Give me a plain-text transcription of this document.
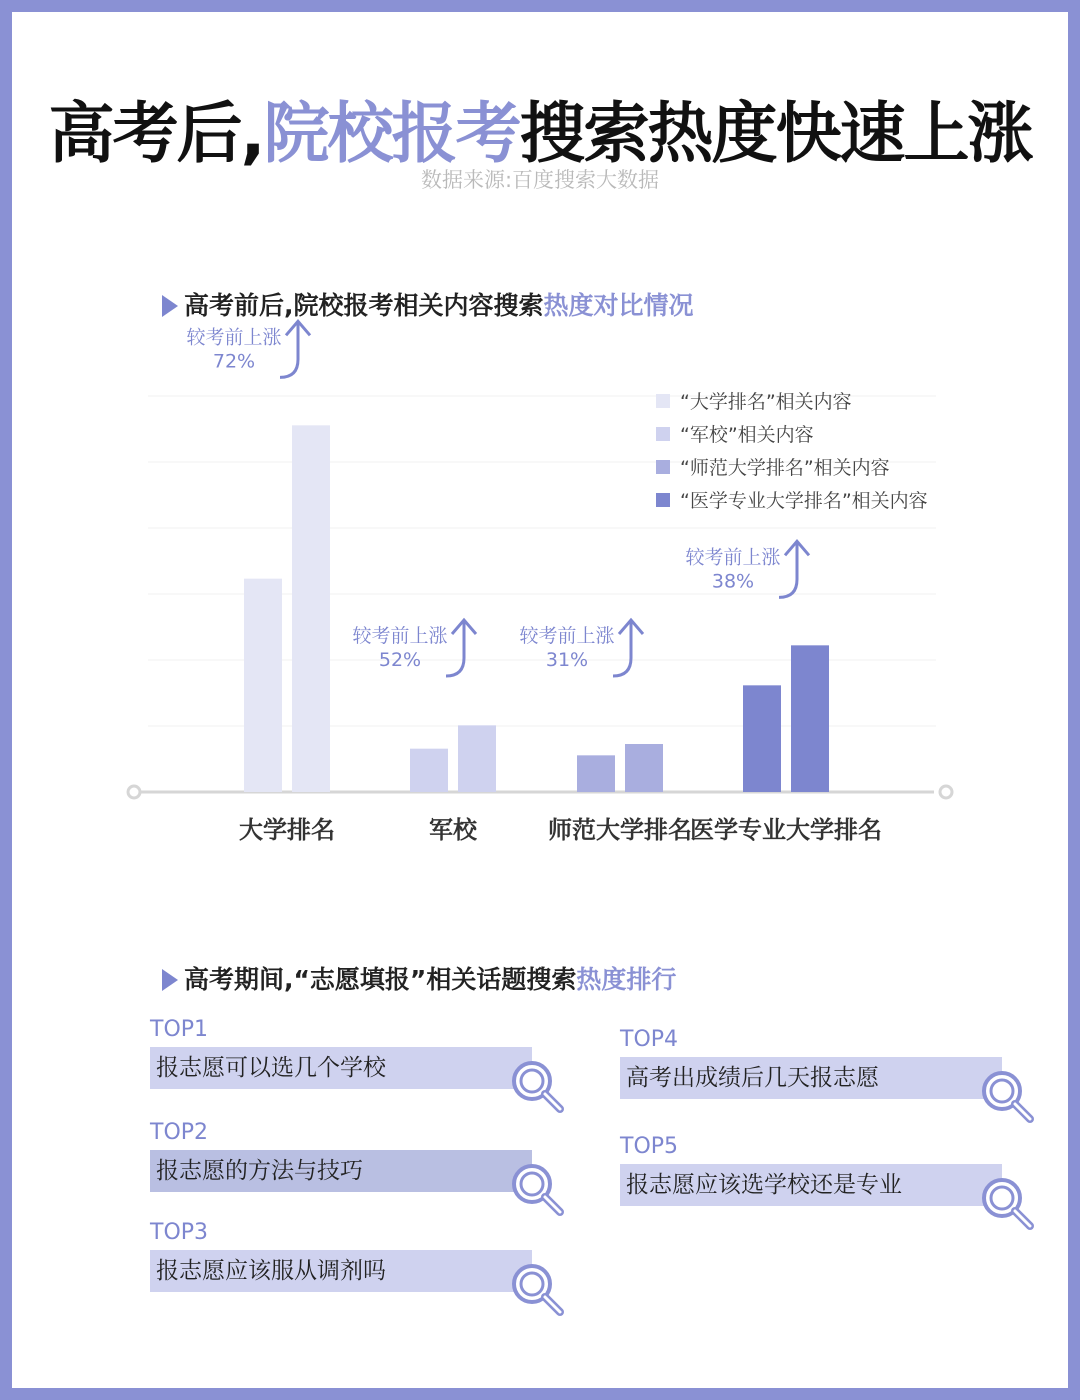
高考后,院校报考搜索热度快速上涨
数据来源:百度搜索大数据
高考前后,院校报考相关内容搜索热度对比情况
大学排名
较考前上涨
72%
军校
较考前上涨
52%
师范大学排名
较考前上涨
31%
医学专业大学排名
较考前上涨
38%
“大学排名”相关内容
“军校”相关内容
“师范大学排名”相关内容
“医学专业大学排名”相关内容
高考期间,“志愿填报”相关话题搜索热度排行
TOP1
报志愿可以选几个学校
TOP2
报志愿的方法与技巧
TOP3
报志愿应该服从调剂吗
TOP4
高考出成绩后几天报志愿
TOP5
报志愿应该选学校还是专业
